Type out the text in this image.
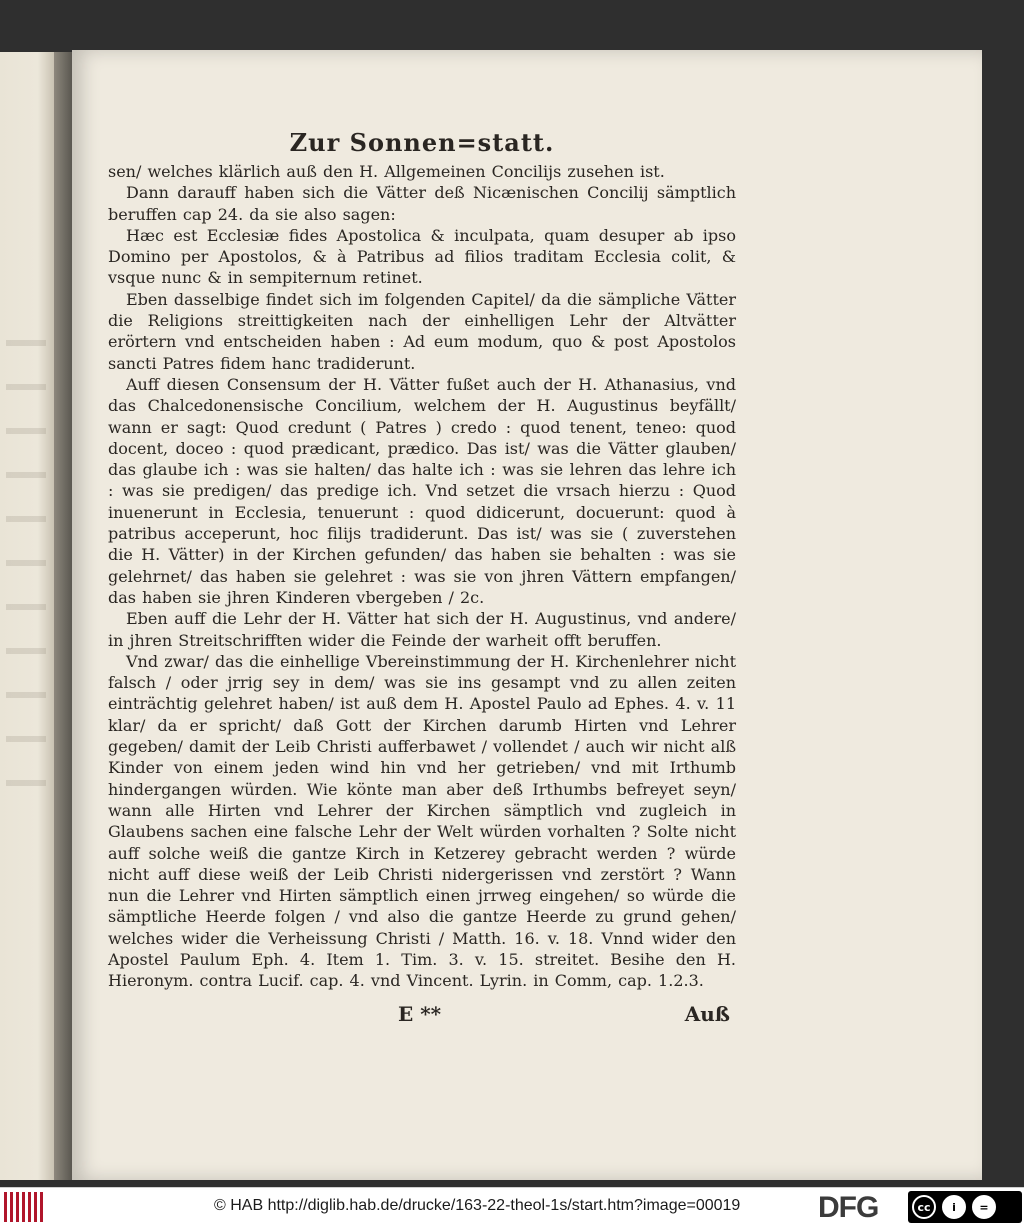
Zur Sonnen=statt.

sen/ welches klärlich auß den H. Allgemeinen Concilijs zusehen ist.

Dann darauff haben sich die Vätter deß Nicænischen Concilij sämptlich beruffen cap 24. da sie also sagen:

Hæc est Ecclesiæ fides Apostolica & inculpata, quam desuper ab ipso Domino per Apostolos, & à Patribus ad filios traditam Ecclesia colit, & vsque nunc & in sempiternum retinet.

Eben dasselbige findet sich im folgenden Capitel/ da die sämpliche Vätter die Religions streittigkeiten nach der einhelligen Lehr der Altvätter erörtern vnd entscheiden haben : Ad eum modum, quo & post Apostolos sancti Patres fidem hanc tradiderunt.

Auff diesen Consensum der H. Vätter fußet auch der H. Athanasius, vnd das Chalcedonensische Concilium, welchem der H. Augustinus beyfällt/ wann er sagt: Quod credunt ( Patres ) credo : quod tenent, teneo: quod docent, doceo : quod prædicant, prædico. Das ist/ was die Vätter glauben/ das glaube ich : was sie halten/ das halte ich : was sie lehren das lehre ich : was sie predigen/ das predige ich. Vnd setzet die vrsach hierzu : Quod inuenerunt in Ecclesia, tenuerunt : quod didicerunt, docuerunt: quod à patribus acceperunt, hoc filijs tradiderunt. Das ist/ was sie ( zuverstehen die H. Vätter) in der Kirchen gefunden/ das haben sie behalten : was sie gelehrnet/ das haben sie gelehret : was sie von jhren Vättern empfangen/ das haben sie jhren Kinderen vbergeben / 2c.

Eben auff die Lehr der H. Vätter hat sich der H. Augustinus, vnd andere/ in jhren Streitschrifften wider die Feinde der warheit offt beruffen.

Vnd zwar/ das die einhellige Vbereinstimmung der H. Kirchenlehrer nicht falsch / oder jrrig sey in dem/ was sie ins gesampt vnd zu allen zeiten einträchtig gelehret haben/ ist auß dem H. Apostel Paulo ad Ephes. 4. v. 11 klar/ da er spricht/ daß Gott der Kirchen darumb Hirten vnd Lehrer gegeben/ damit der Leib Christi aufferbawet / vollendet / auch wir nicht alß Kinder von einem jeden wind hin vnd her getrieben/ vnd mit Irthumb hindergangen würden. Wie könte man aber deß Irthumbs befreyet seyn/ wann alle Hirten vnd Lehrer der Kirchen sämptlich vnd zugleich in Glaubens sachen eine falsche Lehr der Welt würden vorhalten ? Solte nicht auff solche weiß die gantze Kirch in Ketzerey gebracht werden ? würde nicht auff diese weiß der Leib Christi nidergerissen vnd zerstört ? Wann nun die Lehrer vnd Hirten sämptlich einen jrrweg eingehen/ so würde die sämptliche Heerde folgen / vnd also die gantze Heerde zu grund gehen/ welches wider die Verheissung Christi / Matth. 16. v. 18. Vnnd wider den Apostel Paulum Eph. 4. Item 1. Tim. 3. v. 15. streitet. Besihe den H. Hieronym. contra Lucif. cap. 4. vnd Vincent. Lyrin. in Comm, cap. 1.2.3.

E **	Auß
© HAB http://diglib.hab.de/drucke/163-22-theol-1s/start.htm?image=00019	DFG	cc	i	=
